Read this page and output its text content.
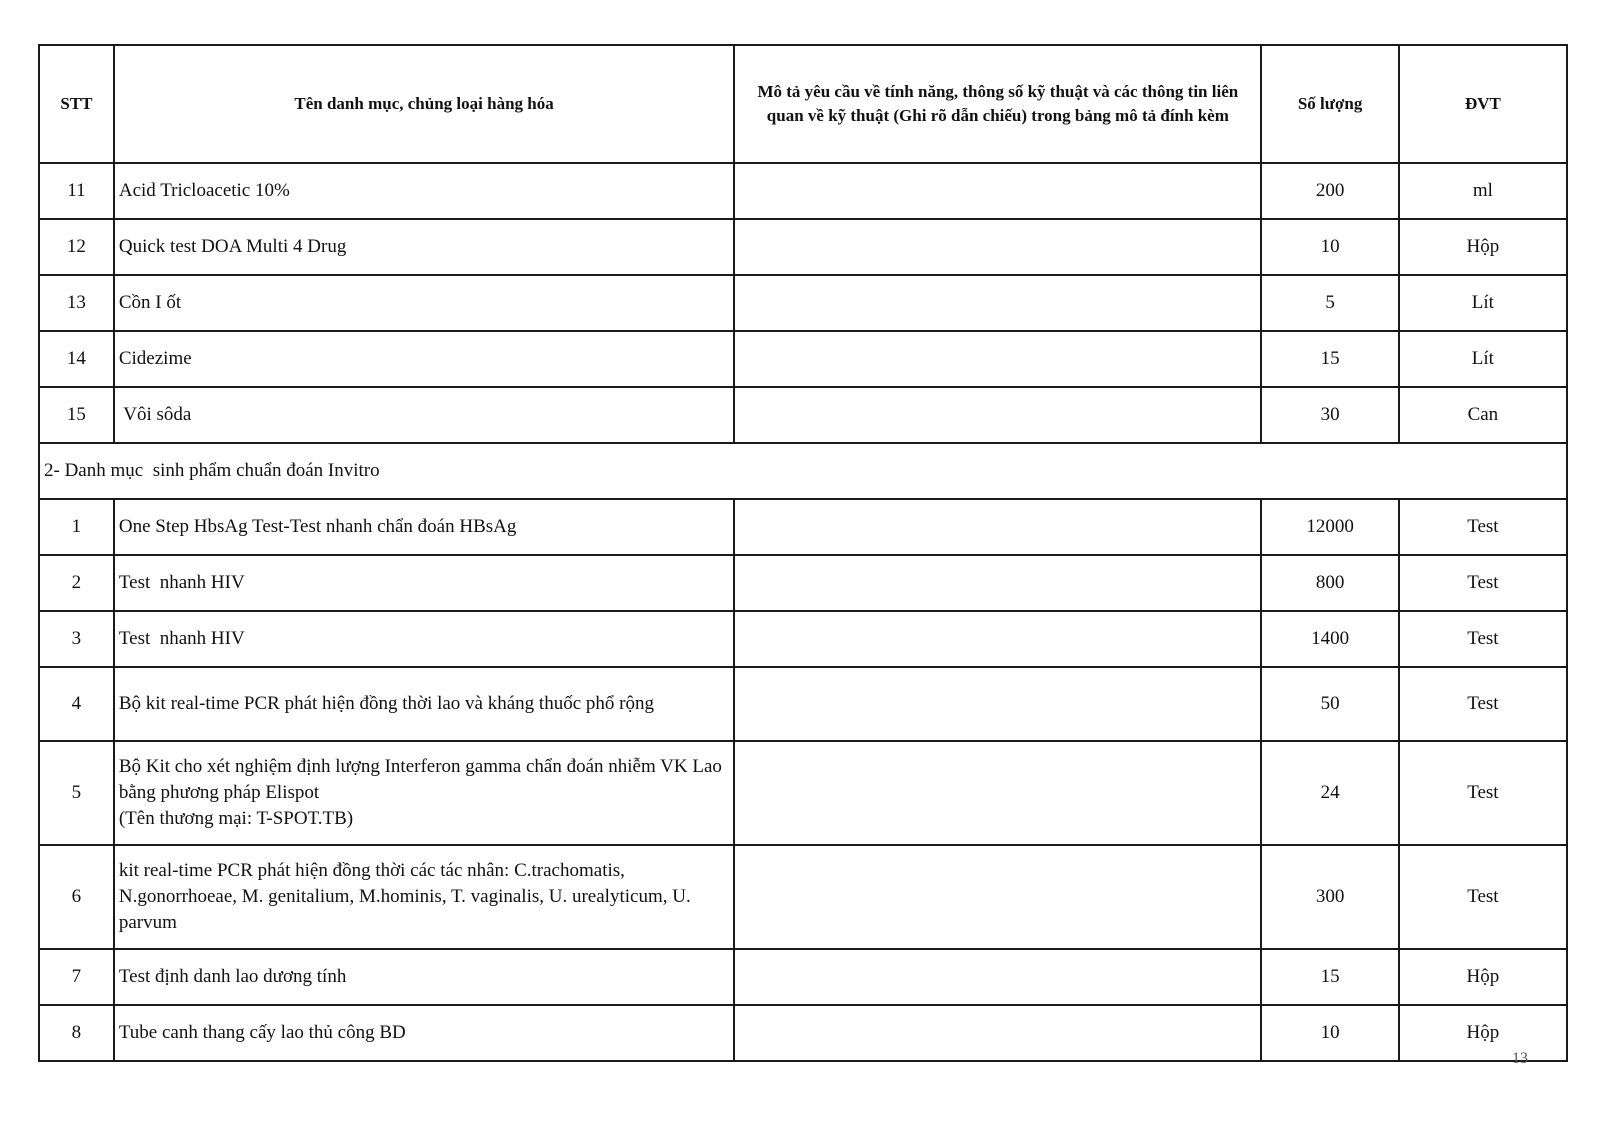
STT	Tên danh mục, chủng loại hàng hóa	Mô tả yêu cầu về tính năng, thông số kỹ thuật và các thông tin liên quan về kỹ thuật (Ghi rõ dẫn chiếu) trong bảng mô tả đính kèm	Số lượng	ĐVT
11	Acid Tricloacetic 10%		200	ml
12	Quick test DOA Multi 4 Drug		10	Hộp
13	Cồn I ốt		5	Lít
14	Cidezime		15	Lít
15	Vôi sôda		30	Can
2- Danh mục  sinh phẩm chuẩn đoán Invitro				
1	One Step HbsAg Test-Test nhanh chẩn đoán HBsAg		12000	Test
2	Test  nhanh HIV		800	Test
3	Test  nhanh HIV		1400	Test
4	Bộ kit real-time PCR phát hiện đồng thời lao và kháng thuốc phổ rộng		50	Test
5	Bộ Kit cho xét nghiệm định lượng Interferon gamma chẩn đoán nhiễm VK Lao bằng phương pháp Elispot
(Tên thương mại: T-SPOT.TB)		24	Test
6	kit real-time PCR phát hiện đồng thời các tác nhân: C.trachomatis, N.gonorrhoeae, M. genitalium, M.hominis, T. vaginalis, U. urealyticum, U. parvum		300	Test
7	Test định danh lao dương tính		15	Hộp
8	Tube canh thang cấy lao thủ công BD		10	Hộp
13
